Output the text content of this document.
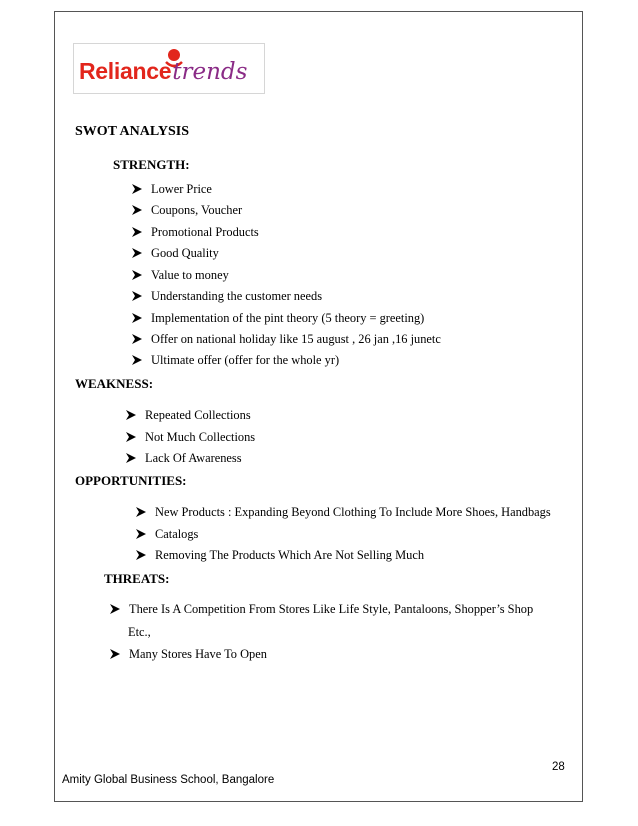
Reliancetrends
SWOT ANALYSIS
STRENGTH:
Lower Price
Coupons, Voucher
Promotional Products
Good Quality
Value to money
Understanding the customer needs
Implementation of the pint theory (5 theory = greeting)
Offer on national holiday like 15 august , 26 jan ,16 junetc
Ultimate offer (offer for the whole yr)
WEAKNESS:
Repeated Collections
Not Much Collections
Lack Of Awareness
OPPORTUNITIES:
New Products : Expanding Beyond Clothing To Include More Shoes, Handbags
Catalogs
Removing The Products Which Are Not Selling Much
THREATS:
There Is A Competition From Stores Like Life Style, Pantaloons, Shopper’s Shop
Etc.,
Many Stores Have To Open
28
Amity Global Business School, Bangalore
